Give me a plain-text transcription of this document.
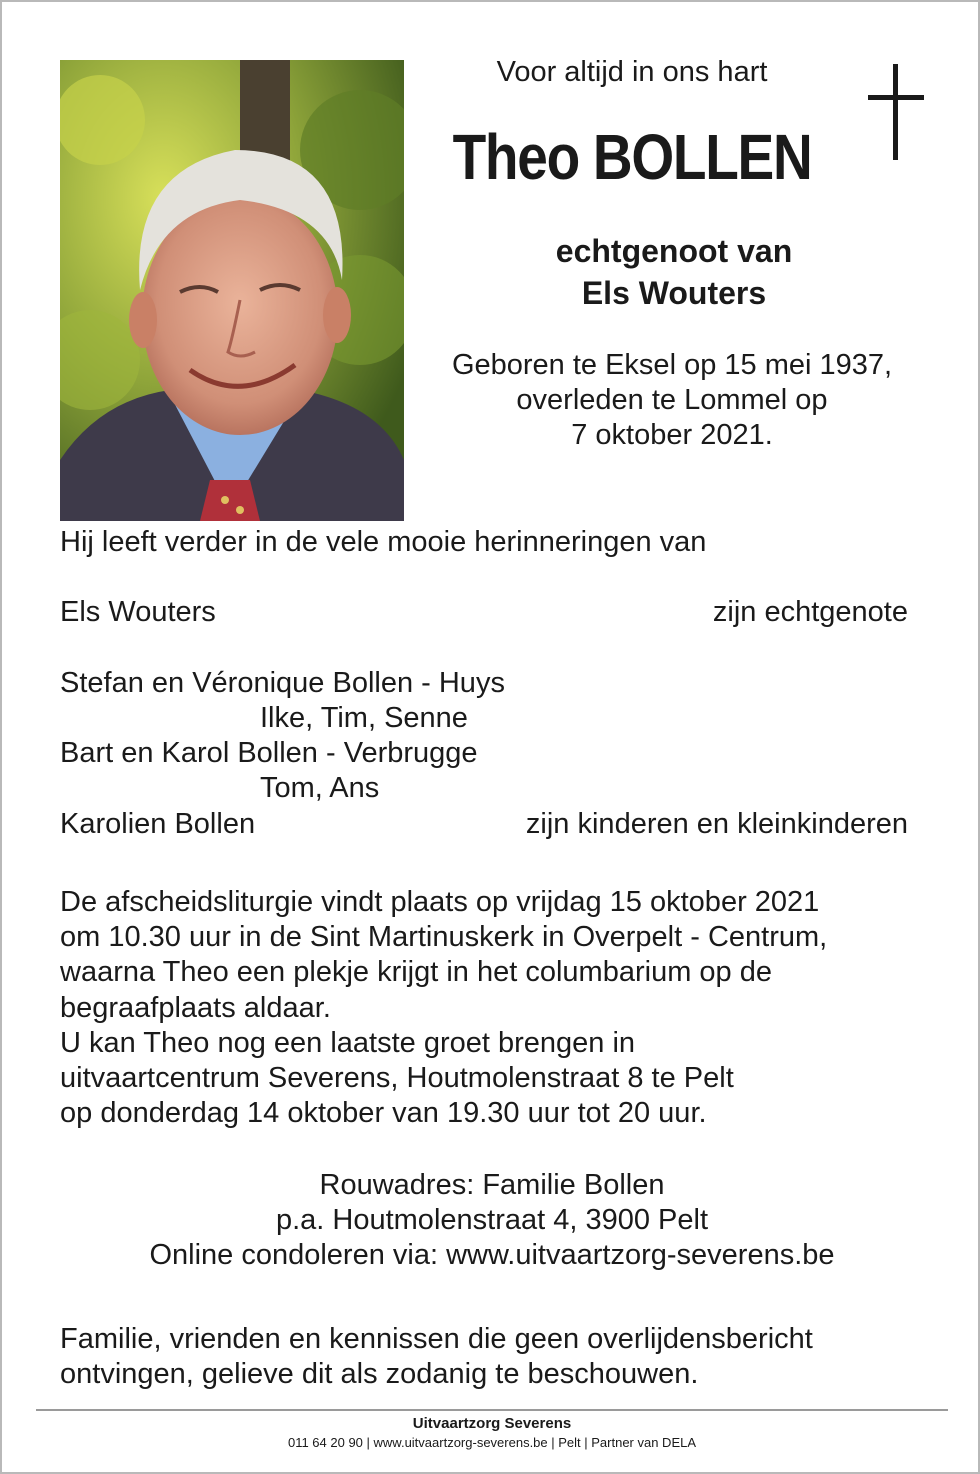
Voor altijd in ons hart
Theo BOLLEN
echtgenoot van
Els Wouters
Geboren te Eksel op 15 mei 1937,
overleden te Lommel op
7 oktober 2021.
Hij leeft verder in de vele mooie herinneringen van
Els Wouters	zijn echtgenote
Stefan en Véronique Bollen - Huys
Ilke, Tim, Senne
Bart en Karol Bollen - Verbrugge
Tom, Ans
Karolien Bollen	zijn kinderen en kleinkinderen
De afscheidsliturgie vindt plaats op vrijdag 15 oktober 2021
om 10.30 uur in de Sint Martinuskerk in Overpelt - Centrum,
waarna Theo een plekje krijgt in het columbarium op de
begraafplaats aldaar.
U kan Theo nog een laatste groet brengen in
uitvaartcentrum Severens, Houtmolenstraat 8 te Pelt
op donderdag 14 oktober van 19.30 uur tot 20 uur.
Rouwadres: Familie Bollen
p.a. Houtmolenstraat 4, 3900 Pelt
Online condoleren via: www.uitvaartzorg-severens.be
Familie, vrienden en kennissen die geen overlijdensbericht
ontvingen, gelieve dit als zodanig te beschouwen.
Uitvaartzorg Severens
011 64 20 90 | www.uitvaartzorg-severens.be | Pelt | Partner van DELA
